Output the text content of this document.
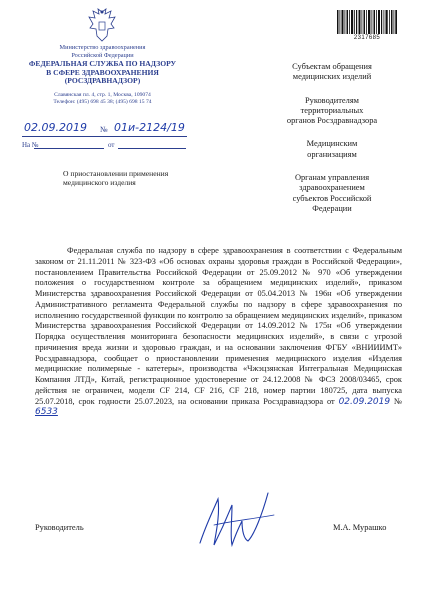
Министерство здравоохранения
Российской Федерации
ФЕДЕРАЛЬНАЯ СЛУЖБА ПО НАДЗОРУ
В СФЕРЕ ЗДРАВООХРАНЕНИЯ
(РОСЗДРАВНАДЗОР)
Славянская пл. 4, стр. 1, Москва, 109074
Телефон: (495) 698 45 38; (495) 698 15 74
02.09.2019 № 01и-2124/19
На №	от
О приостановлении применения
медицинского изделия
2317685
Субъектам обращения
медицинских изделий
Руководителям
территориальных
органов Росздравнадзора
Медицинским
организациям
Органам управления
здравоохранением
субъектов Российской
Федерации
Федеральная служба по надзору в сфере здравоохранения в соответствии с Федеральным законом от 21.11.2011 № 323-ФЗ «Об основах охраны здоровья граждан в Российской Федерации», постановлением Правительства Российской Федерации от 25.09.2012 № 970 «Об утверждении положения о государственном контроле за обращением медицинских изделий», приказом Министерства здравоохранения Российской Федерации от 05.04.2013 № 196н «Об утверждении Административного регламента Федеральной службы по надзору в сфере здравоохранения по исполнению государственной функции по контролю за обращением медицинских изделий», приказом Министерства здравоохранения Российской Федерации от 14.09.2012 № 175н «Об утверждении Порядка осуществления мониторинга безопасности медицинских изделий», в связи с угрозой причинения вреда жизни и здоровью граждан, и на основании заключения ФГБУ «ВНИИИМТ» Росздравнадзора, сообщает о приостановлении применения медицинского изделия «Изделия медицинские полимерные - катетеры», производства «Чжэцзянская Интегральная Медицинская Компания ЛТД», Китай, регистрационное удостоверение от 24.12.2008 № ФСЗ 2008/03465, срок действия не ограничен, модели CF 214, CF 216, CF 218, номер партии 180725, дата выпуска 25.07.2018, срок годности 25.07.2023, на основании приказа Росздравнадзора от 02.09.2019 № 6533
Руководитель	М.А. Мурашко
